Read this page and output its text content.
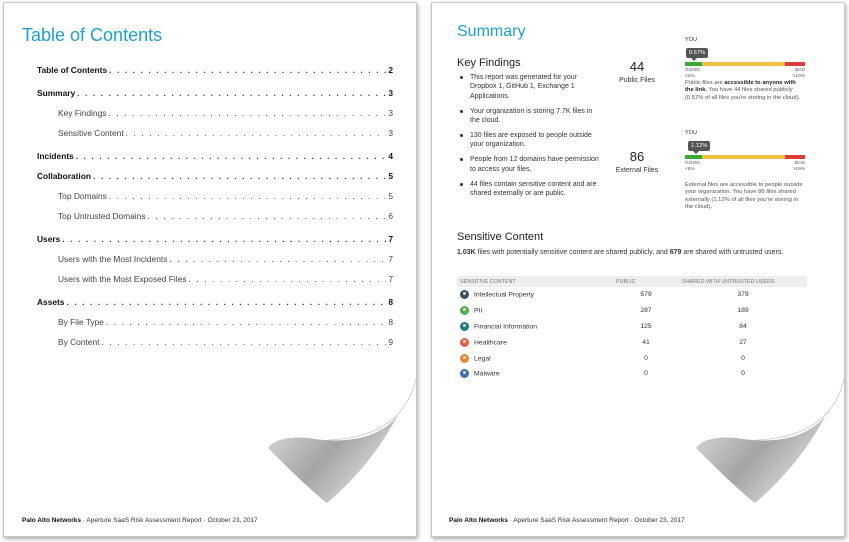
Table of Contents
Table of Contents . . .	2
Summary . . .	3
Key Findings . . .	3
Sensitive Content . . .	3
Incidents . . .	4
Collaboration . . .	5
Top Domains . . .	5
Top Untrusted Domains . . .	6
Users . . .	7
Users with the Most Incidents . . .	7
Users with the Most Exposed Files . . .	7
Assets . . .	8
By File Type . . .	8
By Content . . .	9
Palo Alto Networks · Aperture SaaS Risk Assessment Report · October 23, 2017
Summary
Key Findings
This report was generated for your Dropbox 1, GitHub 1, Exchange 1 Applications.
Your organization is storing 7.7K files in the cloud.
130 files are exposed to people outside your organization.
People from 12 domains have permission to access your files.
44 files contain sensitive content and are shared externally or are public.
44
Public Files
YOU
0.57%
GOOD
<2%
BAD
>10%
Public files are accessible to anyone with the link. You have 44 files shared publicly (0.57% of all files you're storing in the cloud).
86
External Files
YOU
1.12%
GOOD
<5%
BAD
>15%
External files are accessible to people outside your organization. You have 86 files shared externally (1.12% of all files you're storing in the cloud).
Sensitive Content
1.03K files with potentially sensitive content are shared publicly, and 679 are shared with untrusted users.
SENSITIVE CONTENT	PUBLIC	SHARED WITH UNTRUSTED USERS
Intellectual Property	579	379
PII	287	189
Financial Information	125	84
Healthcare	41	27
Legal	0	0
Malware	0	0
Palo Alto Networks · Aperture SaaS Risk Assessment Report · October 23, 2017
